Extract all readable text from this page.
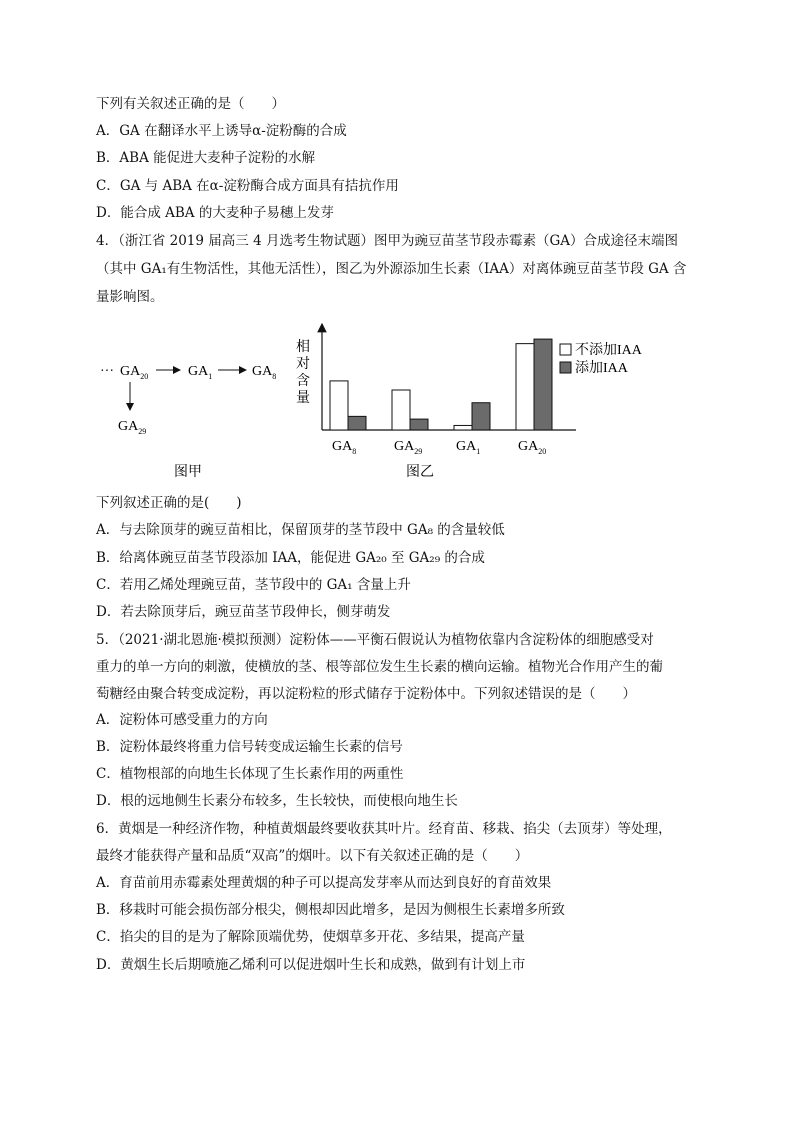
下列有关叙述正确的是（　　）
A．GA 在翻译水平上诱导α-淀粉酶的合成
B．ABA 能促进大麦种子淀粉的水解
C．GA 与 ABA 在α-淀粉酶合成方面具有拮抗作用
D．能合成 ABA 的大麦种子易穗上发芽
4．（浙江省 2019 届高三 4 月选考生物试题）图甲为豌豆苗茎节段赤霉素（GA）合成途径末端图
（其中 GA₁有生物活性，其他无活性），图乙为外源添加生长素（IAA）对离体豌豆苗茎节段 GA 含
量影响图。
··· $GA_{20}$	$GA_1$	$GA_8$
$GA_{29}$
图甲
相
对
含
量
$GA_8$	$GA_{29}$ $GA_1$	$GA_{20}$
不添加IAA
添加IAA
图乙
下列叙述正确的是(　　)
A．与去除顶芽的豌豆苗相比，保留顶芽的茎节段中 GA₈ 的含量较低
B．给离体豌豆苗茎节段添加 IAA，能促进 GA₂₀ 至 GA₂₉ 的合成
C．若用乙烯处理豌豆苗，茎节段中的 GA₁ 含量上升
D．若去除顶芽后，豌豆苗茎节段伸长，侧芽萌发
5．（2021·湖北恩施·模拟预测）淀粉体——平衡石假说认为植物依靠内含淀粉体的细胞感受对
重力的单一方向的刺激，使横放的茎、根等部位发生生长素的横向运输。植物光合作用产生的葡
萄糖经由聚合转变成淀粉，再以淀粉粒的形式储存于淀粉体中。下列叙述错误的是（　　）
A．淀粉体可感受重力的方向
B．淀粉体最终将重力信号转变成运输生长素的信号
C．植物根部的向地生长体现了生长素作用的两重性
D．根的远地侧生长素分布较多，生长较快，而使根向地生长
6．黄烟是一种经济作物，种植黄烟最终要收获其叶片。经育苗、移栽、掐尖（去顶芽）等处理，
最终才能获得产量和品质“双高”的烟叶。以下有关叙述正确的是（　　）
A．育苗前用赤霉素处理黄烟的种子可以提高发芽率从而达到良好的育苗效果
B．移栽时可能会损伤部分根尖，侧根却因此增多，是因为侧根生长素增多所致
C．掐尖的目的是为了解除顶端优势，使烟草多开花、多结果，提高产量
D．黄烟生长后期喷施乙烯利可以促进烟叶生长和成熟，做到有计划上市
